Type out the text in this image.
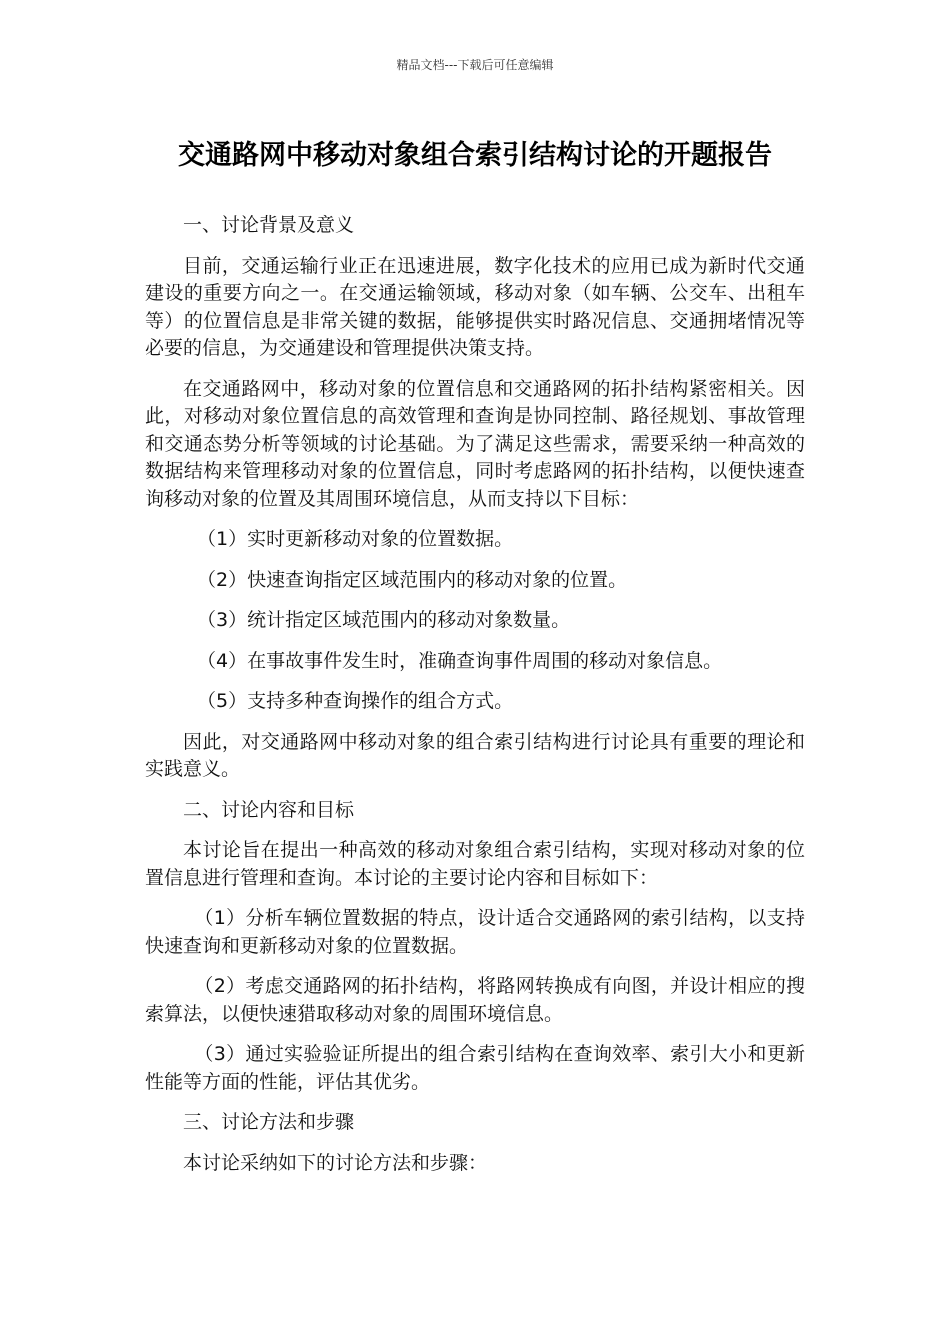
精品文档---下载后可任意编辑
交通路网中移动对象组合索引结构讨论的开题报告
一、讨论背景及意义

目前，交通运输行业正在迅速进展，数字化技术的应用已成为新时代交通建设的重要方向之一。在交通运输领域，移动对象（如车辆、公交车、出租车等）的位置信息是非常关键的数据，能够提供实时路况信息、交通拥堵情况等必要的信息，为交通建设和管理提供决策支持。

在交通路网中，移动对象的位置信息和交通路网的拓扑结构紧密相关。因此，对移动对象位置信息的高效管理和查询是协同控制、路径规划、事故管理和交通态势分析等领域的讨论基础。为了满足这些需求，需要采纳一种高效的数据结构来管理移动对象的位置信息，同时考虑路网的拓扑结构，以便快速查询移动对象的位置及其周围环境信息，从而支持以下目标：

（1）实时更新移动对象的位置数据。

（2）快速查询指定区域范围内的移动对象的位置。

（3）统计指定区域范围内的移动对象数量。

（4）在事故事件发生时，准确查询事件周围的移动对象信息。

（5）支持多种查询操作的组合方式。

因此，对交通路网中移动对象的组合索引结构进行讨论具有重要的理论和实践意义。

二、讨论内容和目标

本讨论旨在提出一种高效的移动对象组合索引结构，实现对移动对象的位置信息进行管理和查询。本讨论的主要讨论内容和目标如下：

（1）分析车辆位置数据的特点，设计适合交通路网的索引结构，以支持快速查询和更新移动对象的位置数据。

（2）考虑交通路网的拓扑结构，将路网转换成有向图，并设计相应的搜索算法，以便快速猎取移动对象的周围环境信息。

（3）通过实验验证所提出的组合索引结构在查询效率、索引大小和更新性能等方面的性能，评估其优劣。

三、讨论方法和步骤

本讨论采纳如下的讨论方法和步骤：
